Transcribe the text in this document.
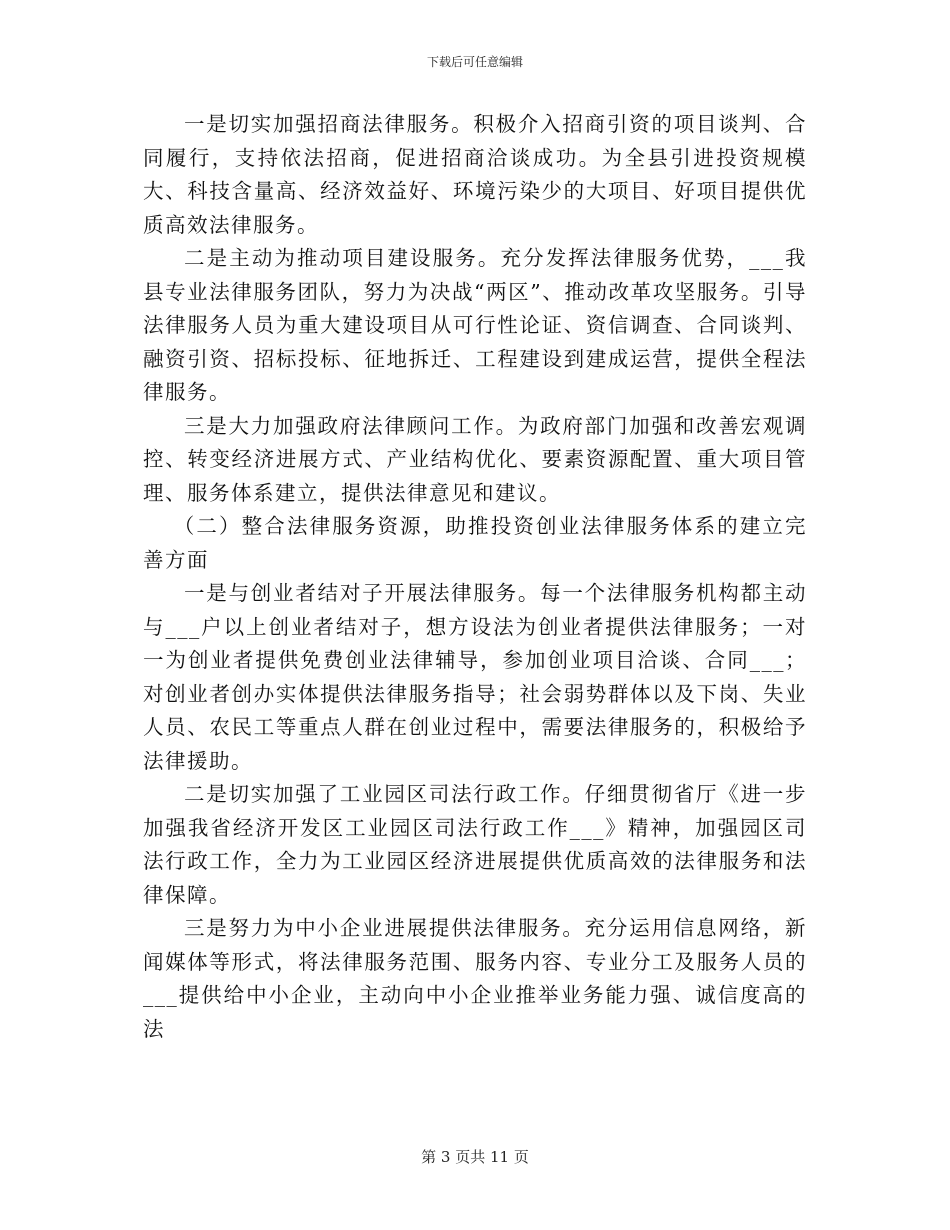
下载后可任意编辑

一是切实加强招商法律服务。积极介入招商引资的项目谈判、合同履行，支持依法招商，促进招商洽谈成功。为全县引进投资规模大、科技含量高、经济效益好、环境污染少的大项目、好项目提供优质高效法律服务。

二是主动为推动项目建设服务。充分发挥法律服务优势，___我县专业法律服务团队，努力为决战“两区”、推动改革攻坚服务。引导法律服务人员为重大建设项目从可行性论证、资信调查、合同谈判、融资引资、招标投标、征地拆迁、工程建设到建成运营，提供全程法律服务。

三是大力加强政府法律顾问工作。为政府部门加强和改善宏观调控、转变经济进展方式、产业结构优化、要素资源配置、重大项目管理、服务体系建立，提供法律意见和建议。

（二）整合法律服务资源，助推投资创业法律服务体系的建立完善方面

一是与创业者结对子开展法律服务。每一个法律服务机构都主动与___户以上创业者结对子，想方设法为创业者提供法律服务；一对一为创业者提供免费创业法律辅导，参加创业项目洽谈、合同___；对创业者创办实体提供法律服务指导；社会弱势群体以及下岗、失业人员、农民工等重点人群在创业过程中，需要法律服务的，积极给予法律援助。

二是切实加强了工业园区司法行政工作。仔细贯彻省厅《进一步加强我省经济开发区工业园区司法行政工作___》精神，加强园区司法行政工作，全力为工业园区经济进展提供优质高效的法律服务和法律保障。

三是努力为中小企业进展提供法律服务。充分运用信息网络，新闻媒体等形式，将法律服务范围、服务内容、专业分工及服务人员的___提供给中小企业，主动向中小企业推举业务能力强、诚信度高的法

第 3 页共 11 页
